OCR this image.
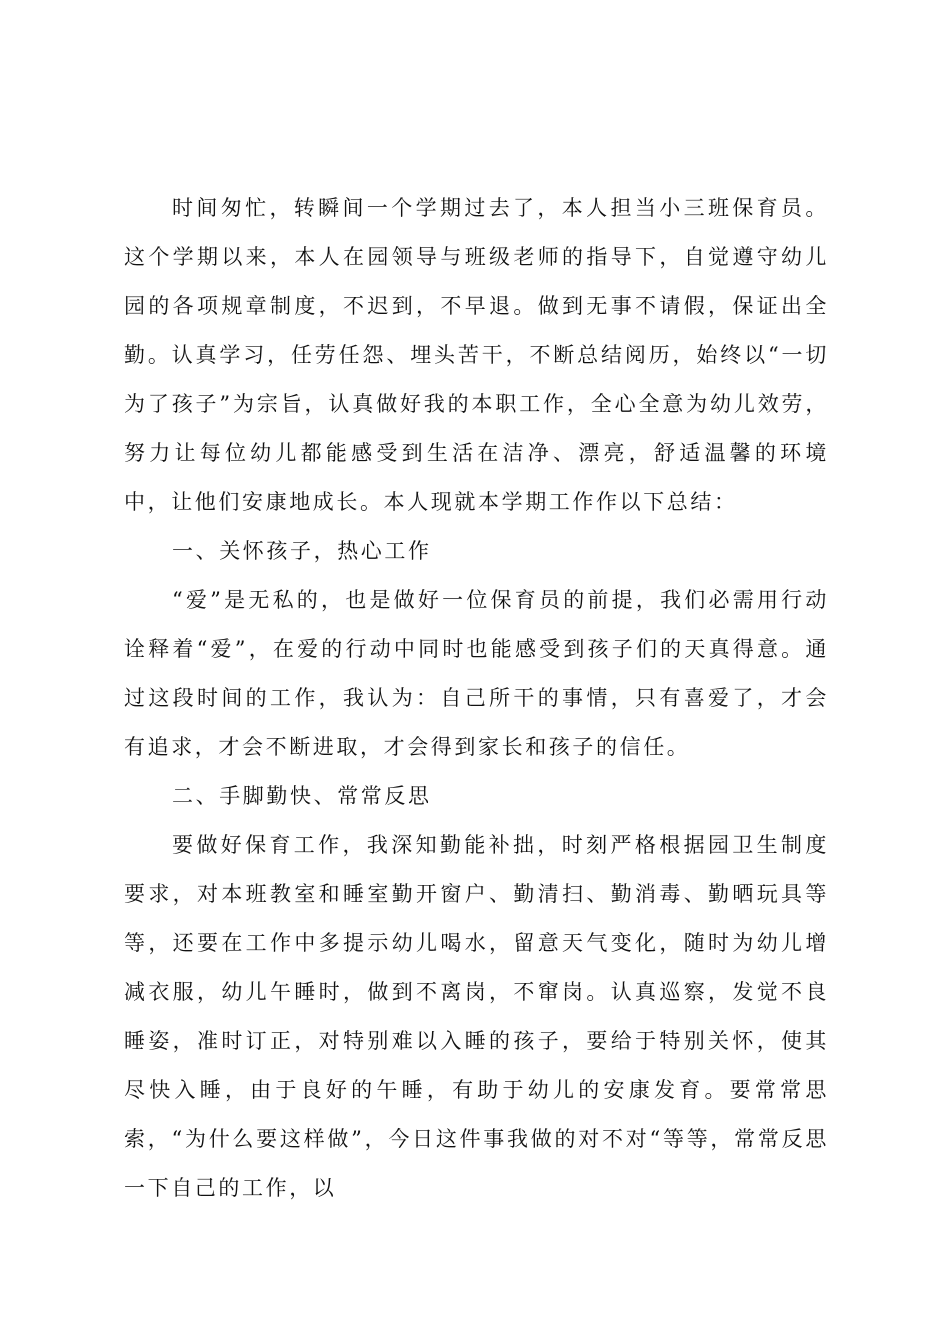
时间匆忙，转瞬间一个学期过去了，本人担当小三班保育员。这个学期以来，本人在园领导与班级老师的指导下，自觉遵守幼儿园的各项规章制度，不迟到，不早退。做到无事不请假，保证出全勤。认真学习，任劳任怨、埋头苦干，不断总结阅历，始终以“一切为了孩子”为宗旨，认真做好我的本职工作，全心全意为幼儿效劳，努力让每位幼儿都能感受到生活在洁净、漂亮，舒适温馨的环境中，让他们安康地成长。本人现就本学期工作作以下总结：

一、关怀孩子，热心工作

“爱”是无私的，也是做好一位保育员的前提，我们必需用行动诠释着“爱”，在爱的行动中同时也能感受到孩子们的天真得意。通过这段时间的工作，我认为：自己所干的事情，只有喜爱了，才会有追求，才会不断进取，才会得到家长和孩子的信任。

二、手脚勤快、常常反思

要做好保育工作，我深知勤能补拙，时刻严格根据园卫生制度要求，对本班教室和睡室勤开窗户、勤清扫、勤消毒、勤晒玩具等等，还要在工作中多提示幼儿喝水，留意天气变化，随时为幼儿增减衣服，幼儿午睡时，做到不离岗，不窜岗。认真巡察，发觉不良睡姿，准时订正，对特别难以入睡的孩子，要给于特别关怀，使其尽快入睡，由于良好的午睡，有助于幼儿的安康发育。要常常思索，“为什么要这样做”，今日这件事我做的对不对“等等，常常反思一下自己的工作，以
